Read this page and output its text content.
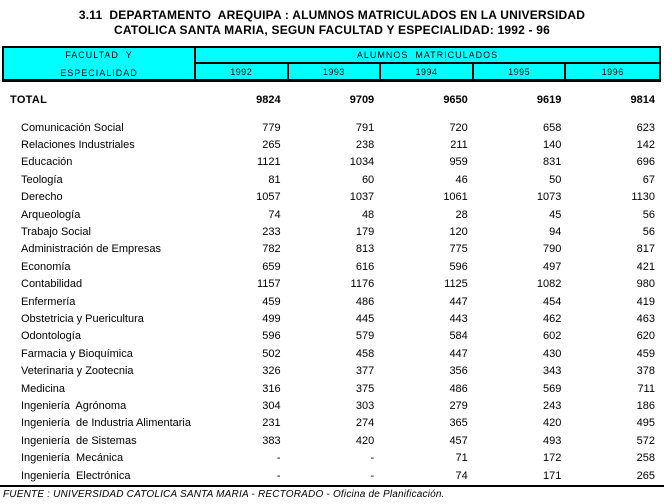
3.11  DEPARTAMENTO  AREQUIPA : ALUMNOS MATRICULADOS EN LA UNIVERSIDAD
CATOLICA SANTA MARIA, SEGUN FACULTAD Y ESPECIALIDAD: 1992 - 96
FACULTAD  Y
ESPECIALIDAD
ALUMNOS  MATRICULADOS
1992	1993	1994	1995	1996
TOTAL	9824	9709	9650	9619	9814
Comunicación Social	779	791	720	658	623
Relaciones Industriales	265	238	211	140	142
Educación	1121	1034	959	831	696
Teología	81	60	46	50	67
Derecho	1057	1037	1061	1073	1130
Arqueología	74	48	28	45	56
Trabajo Social	233	179	120	94	56
Administración de Empresas	782	813	775	790	817
Economía	659	616	596	497	421
Contabilidad	1157	1176	1125	1082	980
Enfermería	459	486	447	454	419
Obstetricia y Puericultura	499	445	443	462	463
Odontología	596	579	584	602	620
Farmacia y Bioquímica	502	458	447	430	459
Veterinaria y Zootecnia	326	377	356	343	378
Medicina	316	375	486	569	711
Ingeniería  Agrónoma	304	303	279	243	186
Ingeniería  de Industria Alimentaria	231	274	365	420	495
Ingeniería  de Sistemas	383	420	457	493	572
Ingeniería  Mecánica	-	-	71	172	258
Ingeniería  Electrónica	-	-	74	171	265
FUENTE : UNIVERSIDAD CATOLICA SANTA MARIA - RECTORADO - Oficina de Planificación.
